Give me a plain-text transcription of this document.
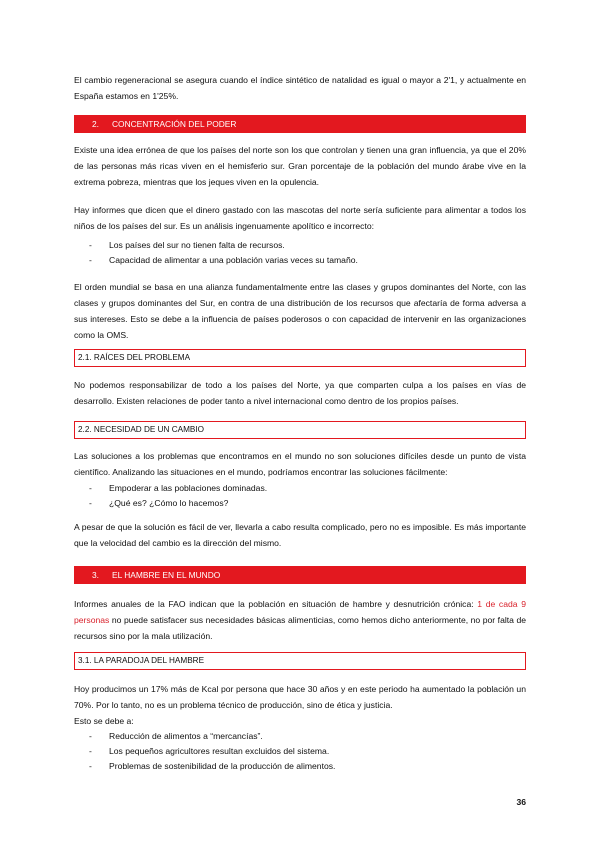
El cambio regeneracional se asegura cuando el índice sintético de natalidad es igual o mayor a 2'1, y actualmente en España estamos en 1'25%.

2. CONCENTRACIÓN DEL PODER

Existe una idea errónea de que los países del norte son los que controlan y tienen una gran influencia, ya que el 20% de las personas más ricas viven en el hemisferio sur. Gran porcentaje de la población del mundo árabe vive en la extrema pobreza, mientras que los jeques viven en la opulencia.

Hay informes que dicen que el dinero gastado con las mascotas del norte sería suficiente para alimentar a todos los niños de los países del sur. Es un análisis ingenuamente apolítico e incorrecto:

- Los países del sur no tienen falta de recursos.
- Capacidad de alimentar a una población varias veces su tamaño.

El orden mundial se basa en una alianza fundamentalmente entre las clases y grupos dominantes del Norte, con las clases y grupos dominantes del Sur, en contra de una distribución de los recursos que afectaría de forma adversa a sus intereses. Esto se debe a la influencia de países poderosos o con capacidad de intervenir en las organizaciones como la OMS.

2.1. RAÍCES DEL PROBLEMA

No podemos responsabilizar de todo a los países del Norte, ya que comparten culpa a los países en vías de desarrollo. Existen relaciones de poder tanto a nivel internacional como dentro de los propios países.

2.2. NECESIDAD DE UN CAMBIO

Las soluciones a los problemas que encontramos en el mundo no son soluciones difíciles desde un punto de vista científico. Analizando las situaciones en el mundo, podríamos encontrar las soluciones fácilmente:

- Empoderar a las poblaciones dominadas.
- ¿Qué es? ¿Cómo lo hacemos?

A pesar de que la solución es fácil de ver, llevarla a cabo resulta complicado, pero no es imposible. Es más importante que la velocidad del cambio es la dirección del mismo.

3. EL HAMBRE EN EL MUNDO

Informes anuales de la FAO indican que la población en situación de hambre y desnutrición crónica: 1 de cada 9 personas no puede satisfacer sus necesidades básicas alimenticias, como hemos dicho anteriormente, no por falta de recursos sino por la mala utilización.

3.1. LA PARADOJA DEL HAMBRE

Hoy producimos un 17% más de Kcal por persona que hace 30 años y en este periodo ha aumentado la población un 70%. Por lo tanto, no es un problema técnico de producción, sino de ética y justicia.

Esto se debe a:

- Reducción de alimentos a “mercancías”.
- Los pequeños agricultores resultan excluidos del sistema.
- Problemas de sostenibilidad de la producción de alimentos.
36
